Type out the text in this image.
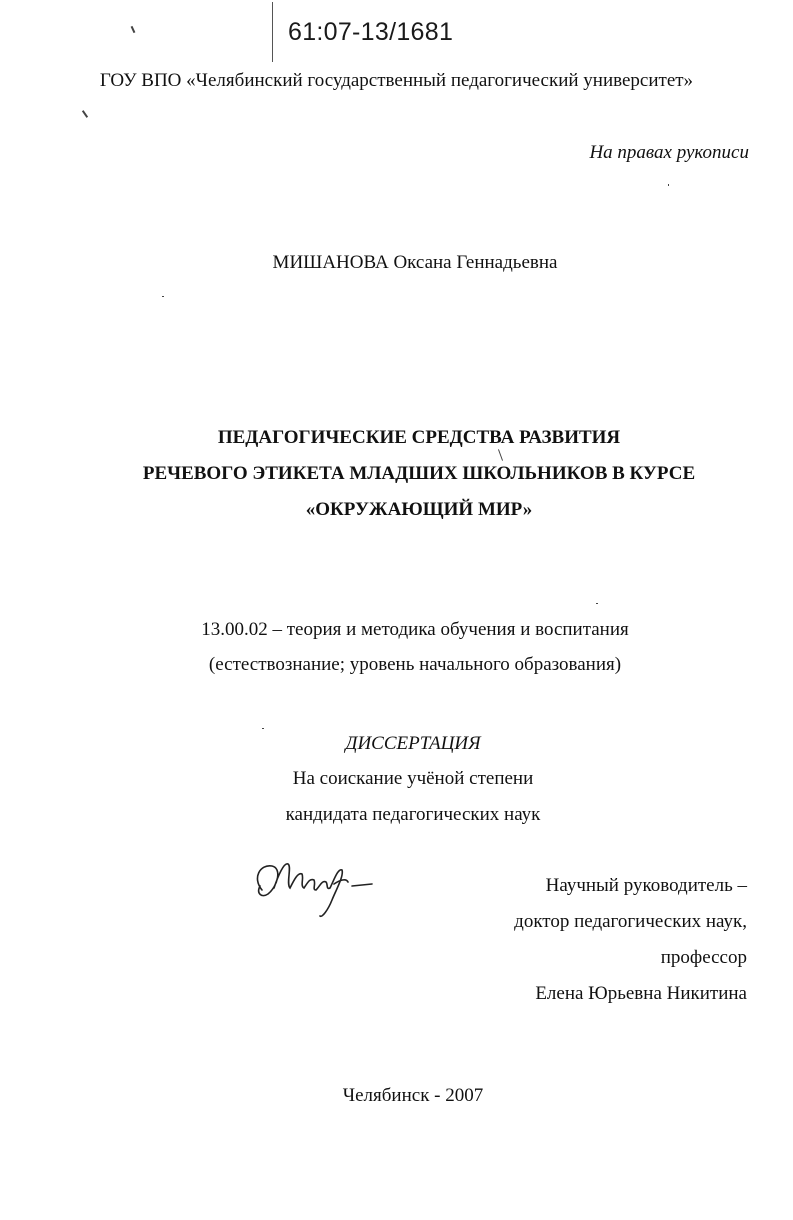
61:07-13/1681
ГОУ ВПО «Челябинский государственный педагогический университет»
На правах рукописи
МИШАНОВА Оксана Геннадьевна
ПЕДАГОГИЧЕСКИЕ СРЕДСТВА РАЗВИТИЯ
РЕЧЕВОГО ЭТИКЕТА МЛАДШИХ ШКОЛЬНИКОВ В КУРСЕ
«ОКРУЖАЮЩИЙ МИР»
13.00.02 – теория и методика обучения и воспитания
(естествознание; уровень начального образования)
ДИССЕРТАЦИЯ
На соискание учёной степени
кандидата педагогических наук
Научный руководитель –
доктор педагогических наук,
профессор
Елена Юрьевна Никитина
Челябинск - 2007
